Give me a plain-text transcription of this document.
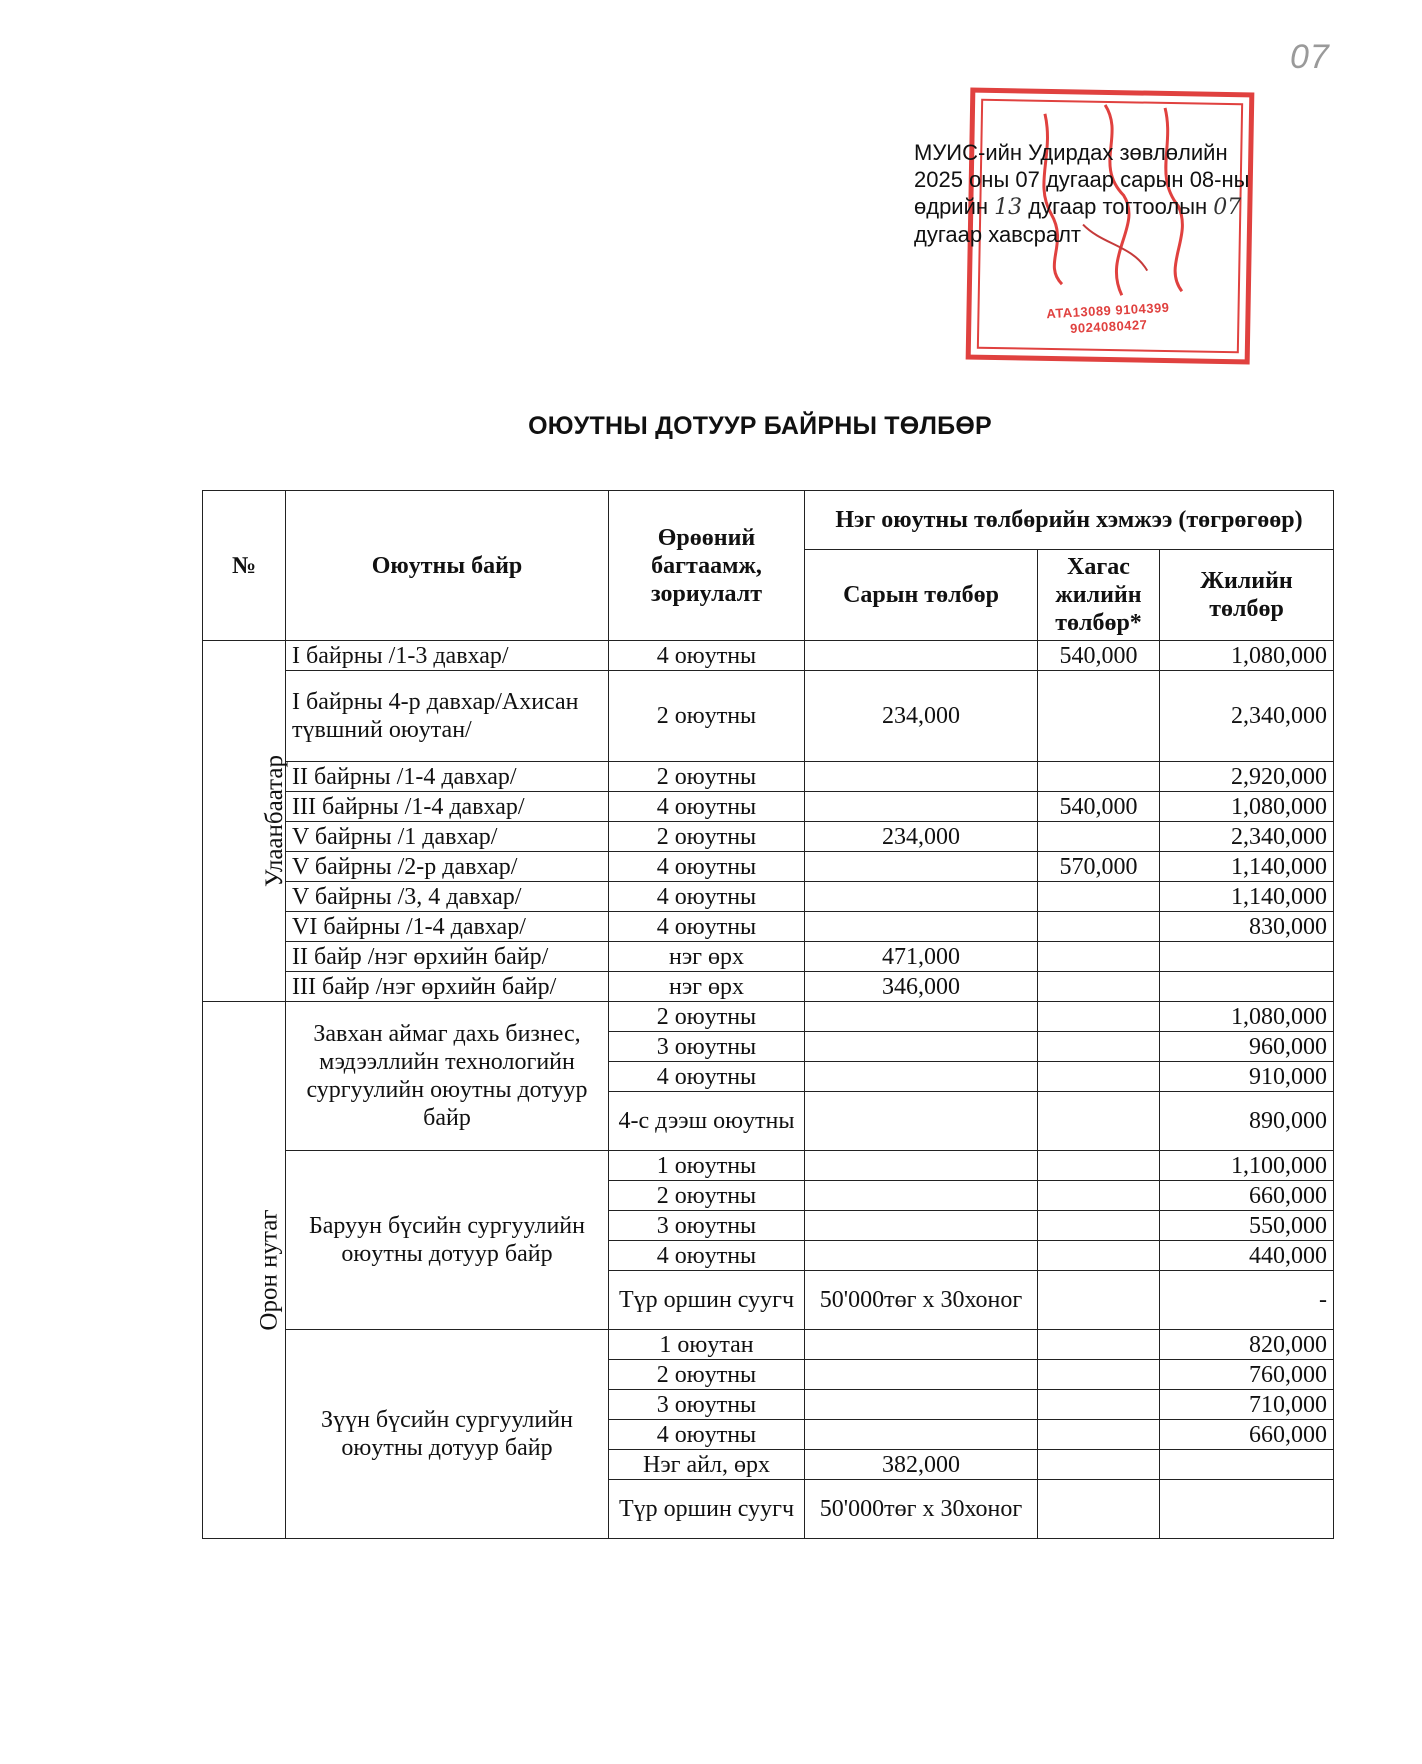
07
ATA13089 9104399
9024080427
МУИС-ийн Удирдах зөвлөлийн
2025 оны 07 дугаар сарын 08-ны
өдрийн 13 дугаар тогтоолын 07
дугаар хавсралт
ОЮУТНЫ ДОТУУР БАЙРНЫ ТӨЛБӨР
№	Оюутны байр	Өрөөний багтаамж, зориулалт	Нэг оюутны төлбөрийн хэмжээ (төгрөгөөр)		
			Сарын төлбөр	Хагас жилийн төлбөр*	Жилийн төлбөр
Улаанбаатар	I байрны /1-3 давхар/	4 оюутны		540,000	1,080,000
	I байрны 4-р давхар/Ахисан түвшний оюутан/	2 оюутны	234,000		2,340,000
	II байрны /1-4 давхар/	2 оюутны			2,920,000
	III байрны /1-4 давхар/	4 оюутны		540,000	1,080,000
	V байрны /1 давхар/	2 оюутны	234,000		2,340,000
	V байрны /2-р давхар/	4 оюутны		570,000	1,140,000
	V байрны /3, 4 давхар/	4 оюутны			1,140,000
	VI байрны /1-4 давхар/	4 оюутны			830,000
	II байр /нэг өрхийн байр/	нэг өрх	471,000		
	III байр /нэг өрхийн байр/	нэг өрх	346,000		
Орон нутаг	Завхан аймаг дахь бизнес, мэдээллийн технологийн сургуулийн оюутны дотуур байр	2 оюутны			1,080,000
		3 оюутны			960,000
		4 оюутны			910,000
		4-с дээш оюутны			890,000
	Баруун бүсийн сургуулийн оюутны дотуур байр	1 оюутны			1,100,000
		2 оюутны			660,000
		3 оюутны			550,000
		4 оюутны			440,000
		Түр оршин суугч	50'000төг х 30хоног		-
	Зүүн бүсийн сургуулийн оюутны дотуур байр	1 оюутан			820,000
		2 оюутны			760,000
		3 оюутны			710,000
		4 оюутны			660,000
		Нэг айл, өрх	382,000		
		Түр оршин суугч	50'000төг х 30хоног		
